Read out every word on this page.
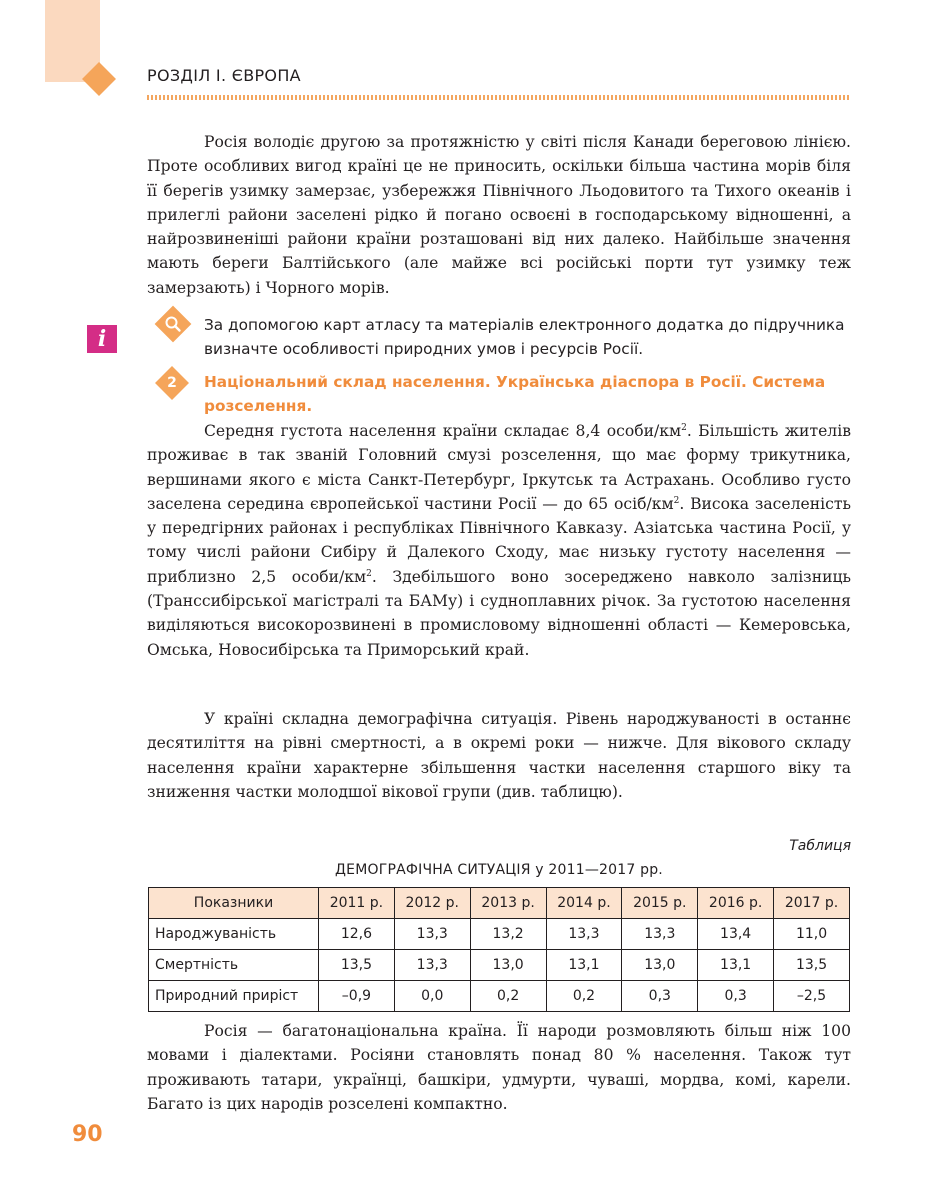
РОЗДІЛ І. ЄВРОПА

Росія володіє другою за протяжністю у світі після Канади береговою лінією. Проте особливих вигод країні це не приносить, оскільки більша частина морів біля її берегів узимку замерзає, узбережжя Північного Льодовитого та Тихого океанів і прилеглі райони заселені рідко й погано освоєні в господарському відношенні, а найрозвиненіші райони країни розташовані від них далеко. Найбільше значення мають береги Балтійського (але майже всі російські порти тут узимку теж замерзають) і Чорного морів.

i

За допомогою карт атласу та матеріалів електронного додатка до підручника визначте особливості природних умов і ресурсів Росії.

2	Національний склад населення. Українська діаспора в Росії. Система розселення.

Середня густота населення країни складає 8,4 особи/$км^2$. Більшість жителів проживає в так званій Головний смузі розселення, що має форму трикутника, вершинами якого є міста Санкт-Петербург, Іркутськ та Астрахань. Особливо густо заселена середина європейської частини Росії — до 65 осіб/$км^2$. Висока заселеність у передгірних районах і республіках Північного Кавказу. Азіатська частина Росії, у тому числі райони Сибіру й Далекого Сходу, має низьку густоту населення — приблизно 2,5 особи/$км^2$. Здебільшого воно зосереджено навколо залізниць (Транссибірської магістралі та БАМу) і судноплавних річок. За густотою населення виділяються високорозвинені в промисловому відношенні області — Кемеровська, Омська, Новосибірська та Приморський край.

У країні складна демографічна ситуація. Рівень народжуваності в останнє десятиліття на рівні смертності, а в окремі роки — нижче. Для вікового складу населення країни характерне збільшення частки населення старшого віку та зниження частки молодшої вікової групи (див. таблицю).

Таблиця
ДЕМОГРАФІЧНА СИТУАЦІЯ у 2011—2017 рр.
Показники	2011 р.	2012 р.	2013 р.	2014 р.	2015 р.	2016 р.	2017 р.
Народжуваність	12,6	13,3	13,2	13,3	13,3	13,4	11,0
Смертність	13,5	13,3	13,0	13,1	13,0	13,1	13,5
Природний приріст	–0,9	0,0	0,2	0,2	0,3	0,3	–2,5

Росія — багатонаціональна країна. Її народи розмовляють більш ніж 100 мовами і діалектами. Росіяни становлять понад 80 % населення. Також тут проживають татари, українці, башкіри, удмурти, чуваші, мордва, комі, карели. Багато із цих народів розселені компактно.

90
